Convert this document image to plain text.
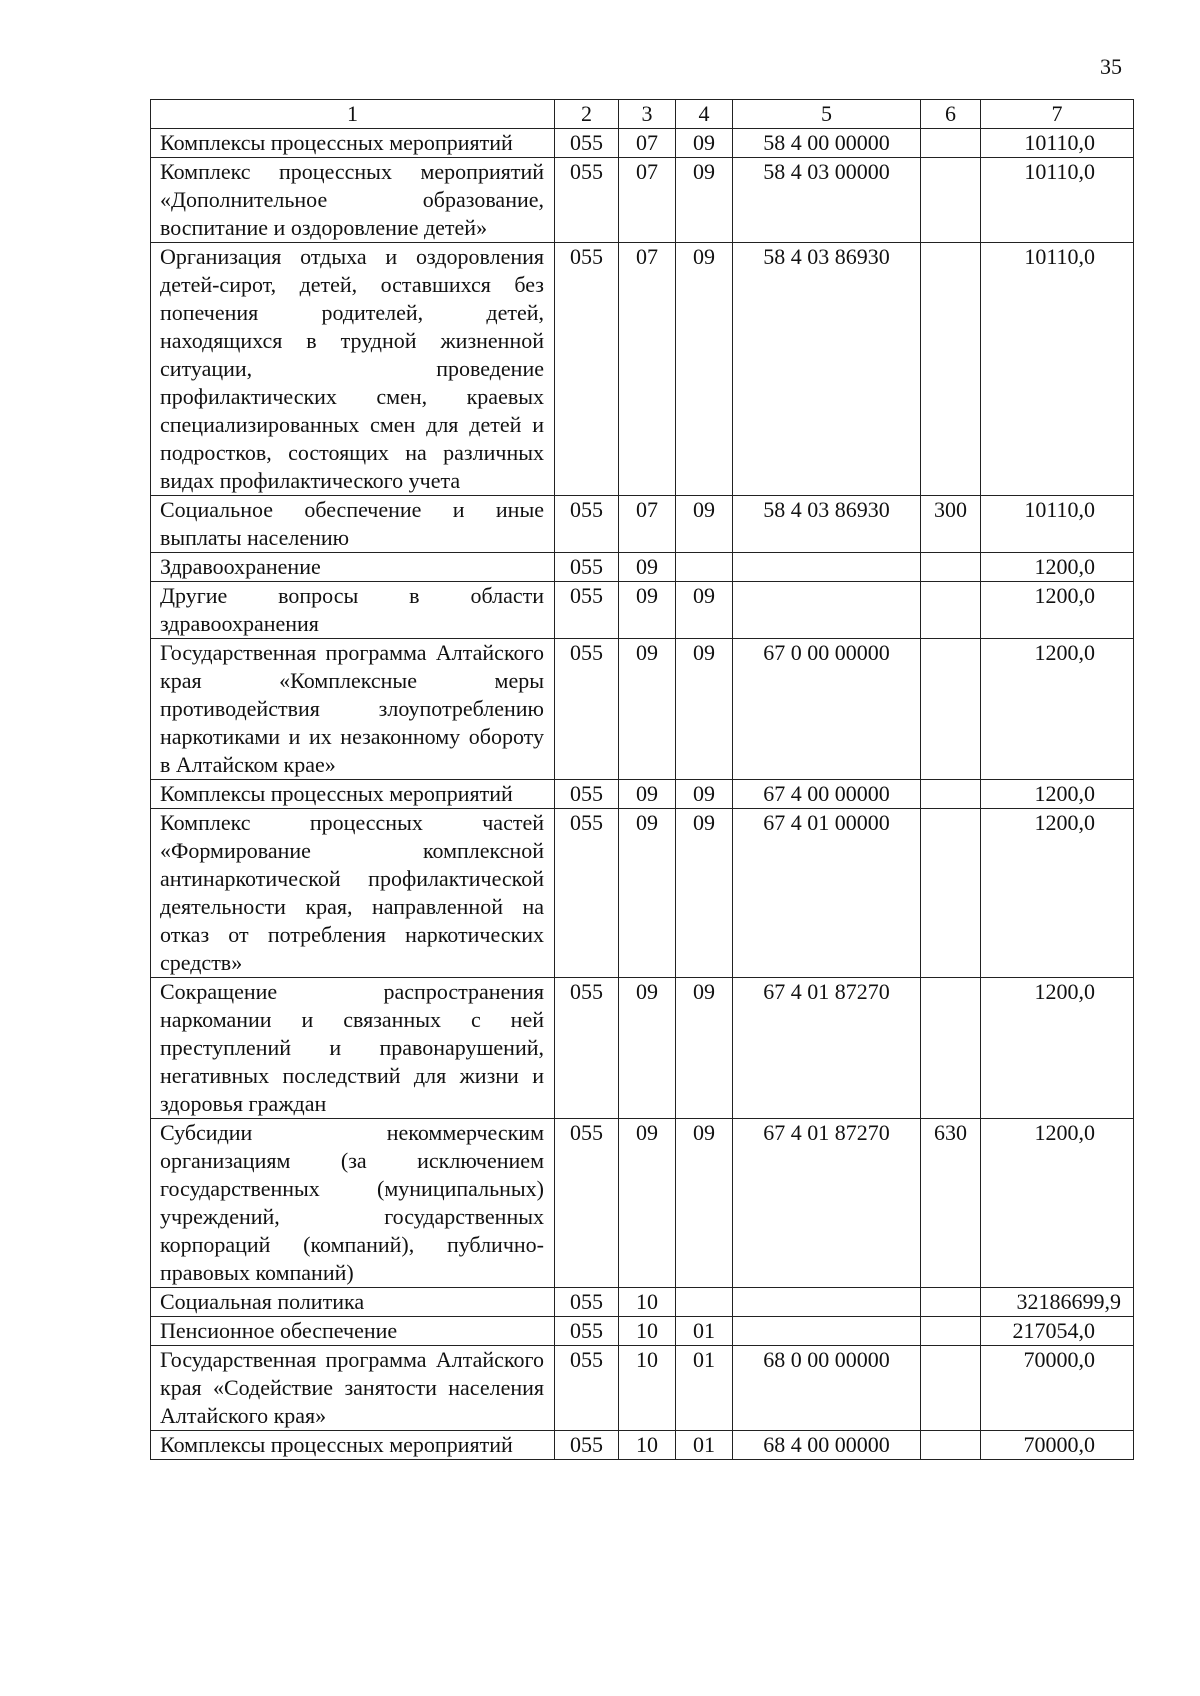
35
1	2	3	4	5	6	7
Комплексы процессных мероприятий	055	07	09	58 4 00 00000		10110,0
Комплекс процессных мероприятий «Дополнительное образование, воспитание и оздоровление детей»	055	07	09	58 4 03 00000		10110,0
Организация отдыха и оздоровления детей-сирот, детей, оставшихся без попечения родителей, детей, находящихся в трудной жизненной ситуации, проведение профилактических смен, краевых специализированных смен для детей и подростков, состоящих на различных видах профилактического учета	055	07	09	58 4 03 86930		10110,0
Социальное обеспечение и иные выплаты населению	055	07	09	58 4 03 86930	300	10110,0
Здравоохранение	055	09				1200,0
Другие вопросы в области здравоохранения	055	09	09			1200,0
Государственная программа Алтайского края «Комплексные меры противодействия злоупотреблению наркотиками и их незаконному обороту в Алтайском крае»	055	09	09	67 0 00 00000		1200,0
Комплексы процессных мероприятий	055	09	09	67 4 00 00000		1200,0
Комплекс процессных частей «Формирование комплексной антинаркотической профилактической деятельности края, направленной на отказ от потребления наркотических средств»	055	09	09	67 4 01 00000		1200,0
Сокращение распространения наркомании и связанных с ней преступлений и правонарушений, негативных последствий для жизни и здоровья граждан	055	09	09	67 4 01 87270		1200,0
Субсидии некоммерческим организациям (за исключением государственных (муниципальных) учреждений, государственных корпораций (компаний), публично-правовых компаний)	055	09	09	67 4 01 87270	630	1200,0
Социальная политика	055	10				32186699,9
Пенсионное обеспечение	055	10	01			217054,0
Государственная программа Алтайского края «Содействие занятости населения Алтайского края»	055	10	01	68 0 00 00000		70000,0
Комплексы процессных мероприятий	055	10	01	68 4 00 00000		70000,0
